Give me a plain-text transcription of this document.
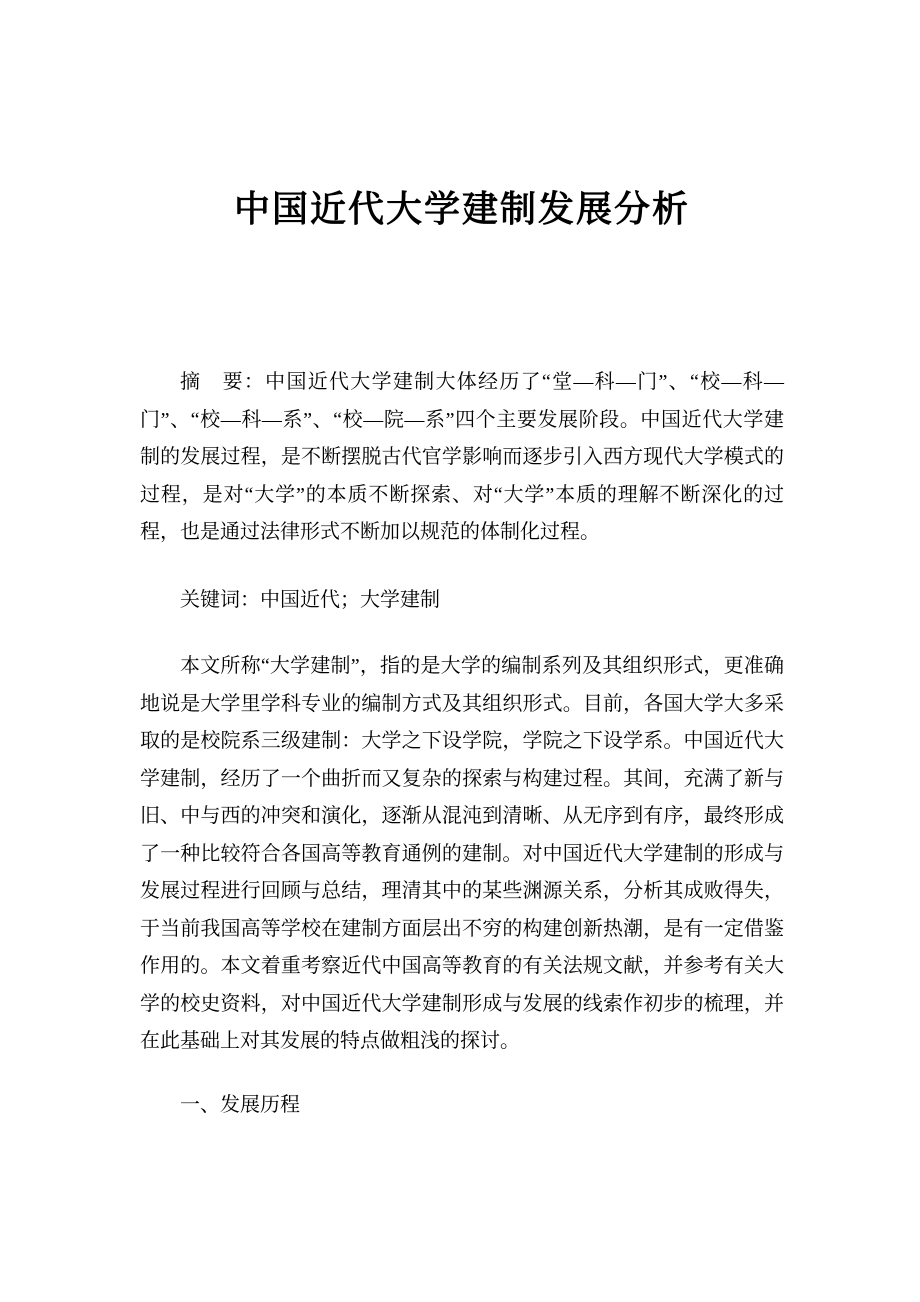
中国近代大学建制发展分析

摘　要：中国近代大学建制大体经历了“堂—科—门”、“校—科—门”、“校—科—系”、“校—院—系”四个主要发展阶段。中国近代大学建制的发展过程，是不断摆脱古代官学影响而逐步引入西方现代大学模式的过程，是对“大学”的本质不断探索、对“大学”本质的理解不断深化的过程，也是通过法律形式不断加以规范的体制化过程。

关键词：中国近代；大学建制

本文所称“大学建制”，指的是大学的编制系列及其组织形式，更准确地说是大学里学科专业的编制方式及其组织形式。目前，各国大学大多采取的是校院系三级建制：大学之下设学院，学院之下设学系。中国近代大学建制，经历了一个曲折而又复杂的探索与构建过程。其间，充满了新与旧、中与西的冲突和演化，逐渐从混沌到清晰、从无序到有序，最终形成了一种比较符合各国高等教育通例的建制。对中国近代大学建制的形成与发展过程进行回顾与总结，理清其中的某些渊源关系，分析其成败得失，于当前我国高等学校在建制方面层出不穷的构建创新热潮，是有一定借鉴作用的。本文着重考察近代中国高等教育的有关法规文献，并参考有关大学的校史资料，对中国近代大学建制形成与发展的线索作初步的梳理，并在此基础上对其发展的特点做粗浅的探讨。

一、发展历程
